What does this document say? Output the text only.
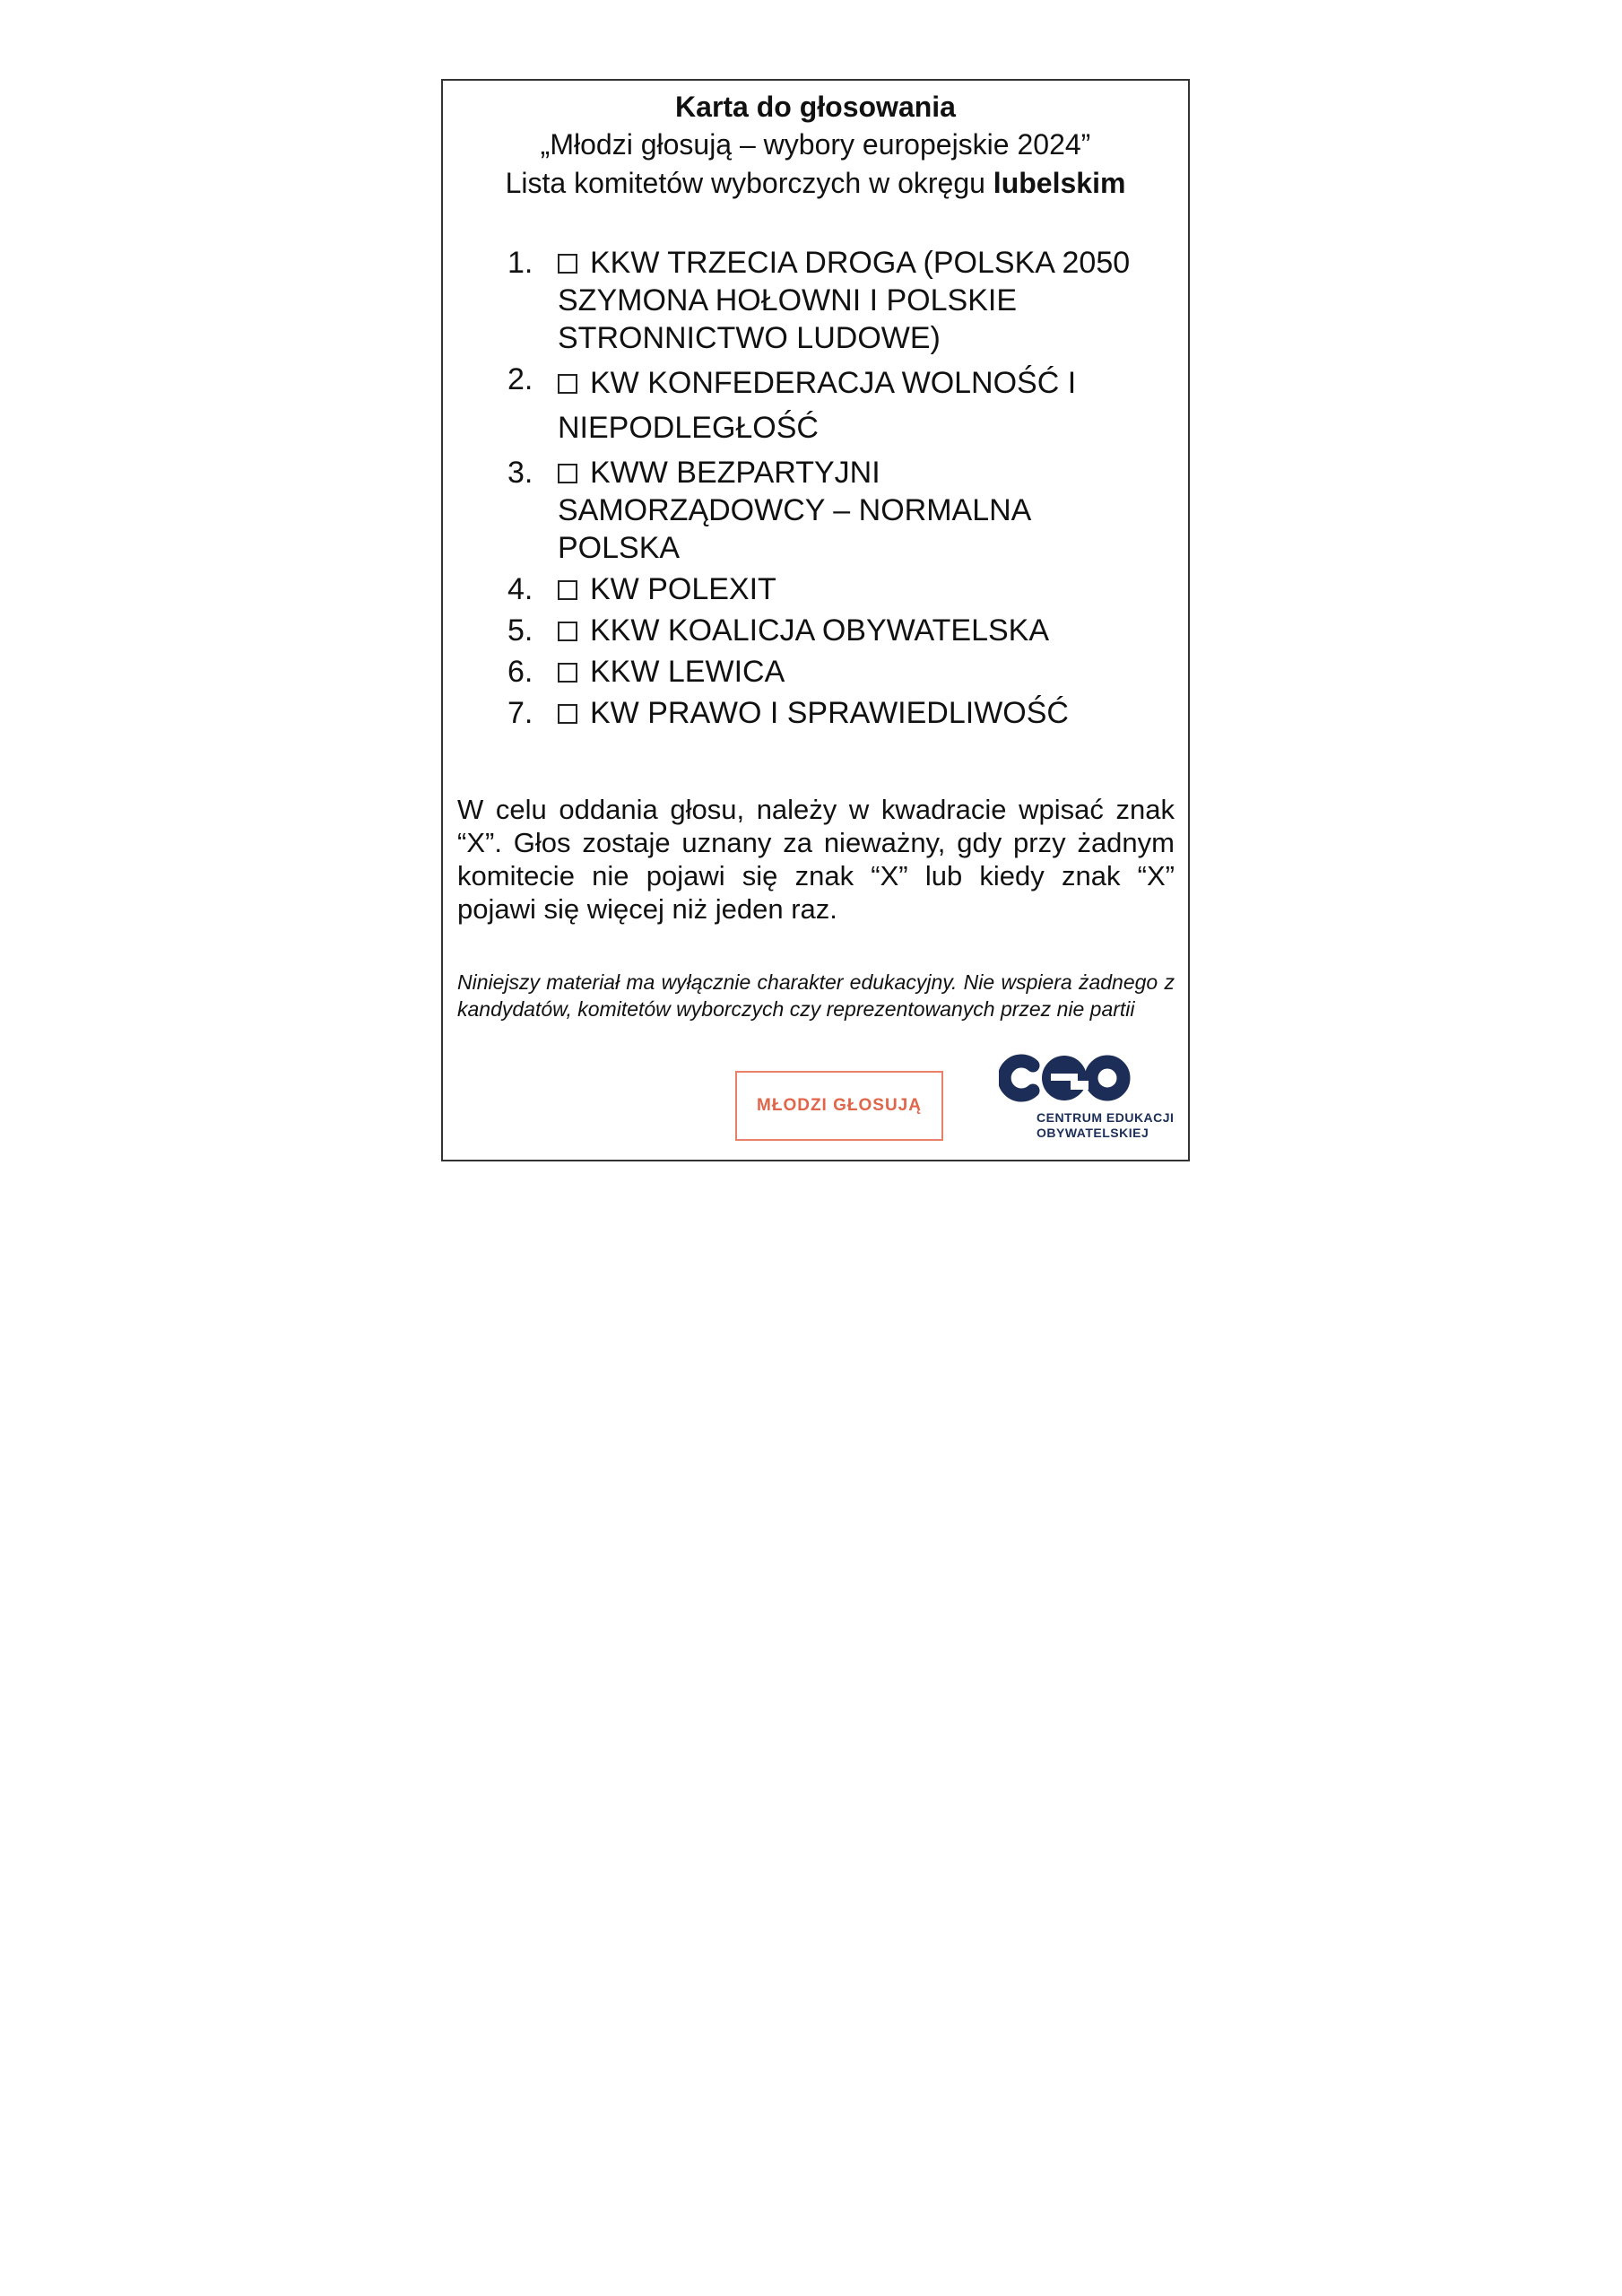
Karta do głosowania
„Młodzi głosują – wybory europejskie 2024”
Lista komitetów wyborczych w okręgu lubelskim
1.	KKW TRZECIA DROGA (POLSKA 2050 SZYMONA HOŁOWNI I POLSKIE STRONNICTWO LUDOWE)
2.	KW KONFEDERACJA WOLNOŚĆ I NIEPODLEGŁOŚĆ
3.	KWW BEZPARTYJNI SAMORZĄDOWCY – NORMALNA POLSKA
4.	KW POLEXIT
5.	KKW KOALICJA OBYWATELSKA
6.	KKW LEWICA
7.	KW PRAWO I SPRAWIEDLIWOŚĆ
W celu oddania głosu, należy w kwadracie wpisać znak “X”. Głos zostaje uznany za nieważny, gdy przy żadnym komitecie nie pojawi się znak “X” lub kiedy znak “X” pojawi się więcej niż jeden raz.
Niniejszy materiał ma wyłącznie charakter edukacyjny. Nie wspiera żadnego z kandydatów, komitetów wyborczych czy reprezentowanych przez nie partii
MŁODZI GŁOSUJĄ
CENTRUM EDUKACJI
OBYWATELSKIEJ
